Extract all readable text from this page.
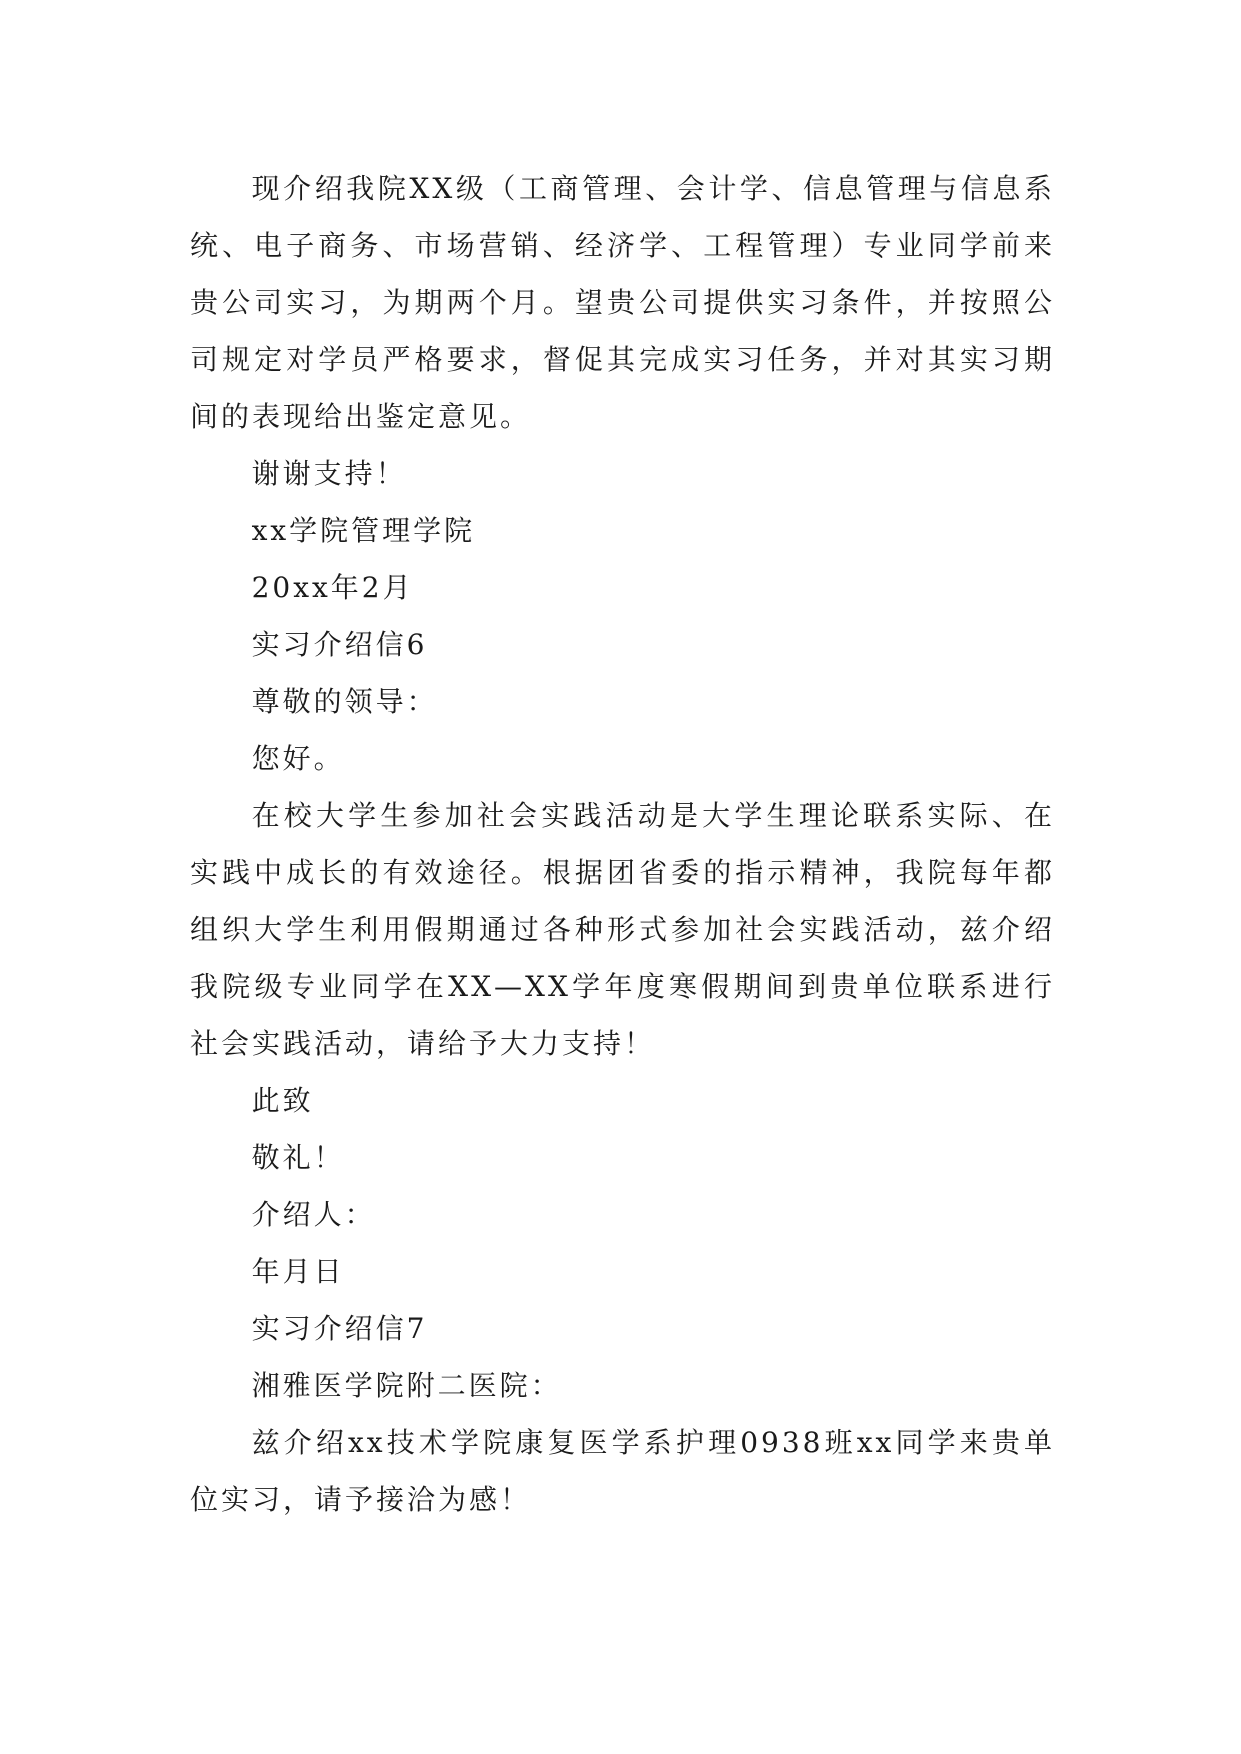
现介绍我院XX级（工商管理、会计学、信息管理与信息系统、电子商务、市场营销、经济学、工程管理）专业同学前来贵公司实习，为期两个月。望贵公司提供实习条件，并按照公司规定对学员严格要求，督促其完成实习任务，并对其实习期间的表现给出鉴定意见。

谢谢支持！

xx学院管理学院

20xx年2月

实习介绍信6

尊敬的领导：

您好。

在校大学生参加社会实践活动是大学生理论联系实际、在实践中成长的有效途径。根据团省委的指示精神，我院每年都组织大学生利用假期通过各种形式参加社会实践活动，兹介绍我院级专业同学在XX—XX学年度寒假期间到贵单位联系进行社会实践活动，请给予大力支持！

此致

敬礼！

介绍人：

年月日

实习介绍信7

湘雅医学院附二医院：

兹介绍xx技术学院康复医学系护理0938班xx同学来贵单位实习，请予接洽为感！
